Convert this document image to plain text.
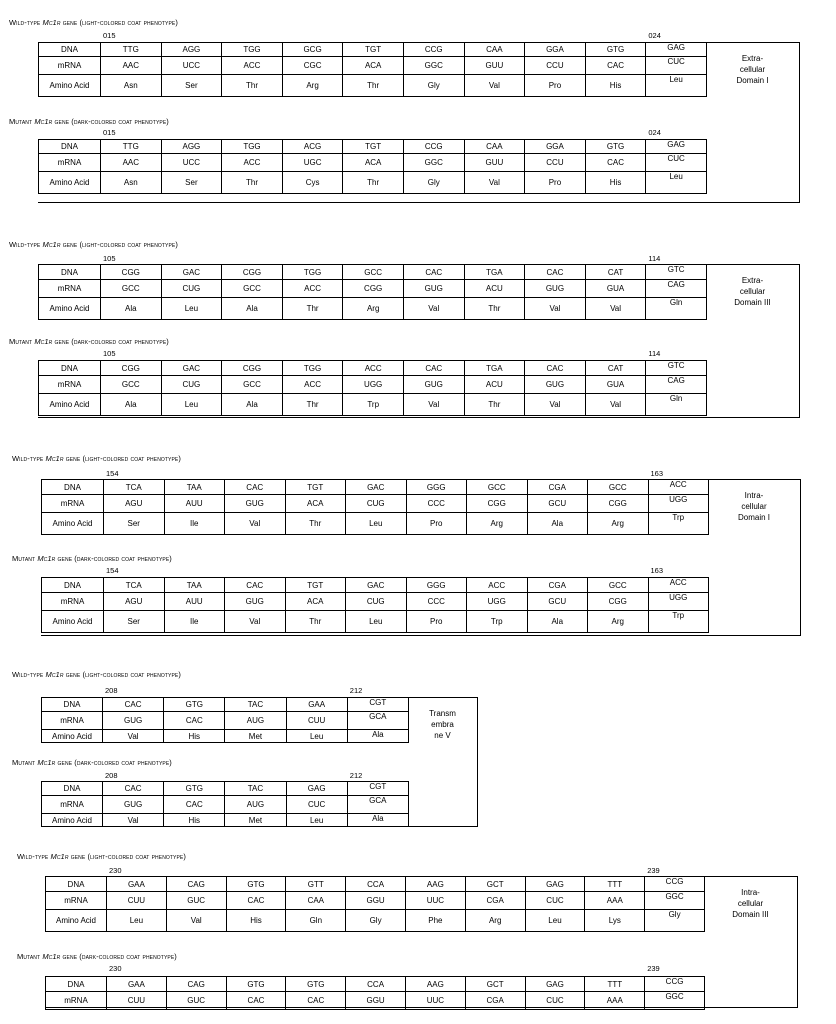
Wild-type Mc1r gene (light-colored coat phenotype)
015	024
DNA	TTG	AGG	TGG	GCG	TGT	CCG	CAA	GGA	GTG	GAG
mRNA	AAC	UCC	ACC	CGC	ACA	GGC	GUU	CCU	CAC	CUC
Amino Acid	Asn	Ser	Thr	Arg	Thr	Gly	Val	Pro	His	Leu
Mutant Mc1r gene (dark-colored coat phenotype)
015	024
DNA	TTG	AGG	TGG	ACG	TGT	CCG	CAA	GGA	GTG	GAG
mRNA	AAC	UCC	ACC	UGC	ACA	GGC	GUU	CCU	CAC	CUC
Amino Acid	Asn	Ser	Thr	Cys	Thr	Gly	Val	Pro	His	Leu
Extra-
cellular
Domain I
Wild-type Mc1r gene (light-colored coat phenotype)
105	114
DNA	CGG	GAC	CGG	TGG	GCC	CAC	TGA	CAC	CAT	GTC
mRNA	GCC	CUG	GCC	ACC	CGG	GUG	ACU	GUG	GUA	CAG
Amino Acid	Ala	Leu	Ala	Thr	Arg	Val	Thr	Val	Val	Gln
Mutant Mc1r gene (dark-colored coat phenotype)
105	114
DNA	CGG	GAC	CGG	TGG	ACC	CAC	TGA	CAC	CAT	GTC
mRNA	GCC	CUG	GCC	ACC	UGG	GUG	ACU	GUG	GUA	CAG
Amino Acid	Ala	Leu	Ala	Thr	Trp	Val	Thr	Val	Val	Gln
Extra-
cellular
Domain III
Wild-type Mc1r gene (light-colored coat phenotype)
154	163
DNA	TCA	TAA	CAC	TGT	GAC	GGG	GCC	CGA	GCC	ACC
mRNA	AGU	AUU	GUG	ACA	CUG	CCC	CGG	GCU	CGG	UGG
Amino Acid	Ser	Ile	Val	Thr	Leu	Pro	Arg	Ala	Arg	Trp
Mutant Mc1r gene (dark-colored coat phenotype)
154	163
DNA	TCA	TAA	CAC	TGT	GAC	GGG	ACC	CGA	GCC	ACC
mRNA	AGU	AUU	GUG	ACA	CUG	CCC	UGG	GCU	CGG	UGG
Amino Acid	Ser	Ile	Val	Thr	Leu	Pro	Trp	Ala	Arg	Trp
Intra-
cellular
Domain I
Wild-type Mc1r gene (light-colored coat phenotype)
208	212
DNA	CAC	GTG	TAC	GAA	CGT
mRNA	GUG	CAC	AUG	CUU	GCA
Amino Acid	Val	His	Met	Leu	Ala
Mutant Mc1r gene (dark-colored coat phenotype)
208	212
DNA	CAC	GTG	TAC	GAG	CGT
mRNA	GUG	CAC	AUG	CUC	GCA
Amino Acid	Val	His	Met	Leu	Ala
Transm
embra
ne V
Wild-type Mc1r gene (light-colored coat phenotype)
230	239
DNA	GAA	CAG	GTG	GTT	CCA	AAG	GCT	GAG	TTT	CCG
mRNA	CUU	GUC	CAC	CAA	GGU	UUC	CGA	CUC	AAA	GGC
Amino Acid	Leu	Val	His	Gln	Gly	Phe	Arg	Leu	Lys	Gly
Mutant Mc1r gene (dark-colored coat phenotype)
230	239
DNA	GAA	CAG	GTG	GTG	CCA	AAG	GCT	GAG	TTT	CCG
mRNA	CUU	GUC	CAC	CAC	GGU	UUC	CGA	CUC	AAA	GGC
Intra-
cellular
Domain III
